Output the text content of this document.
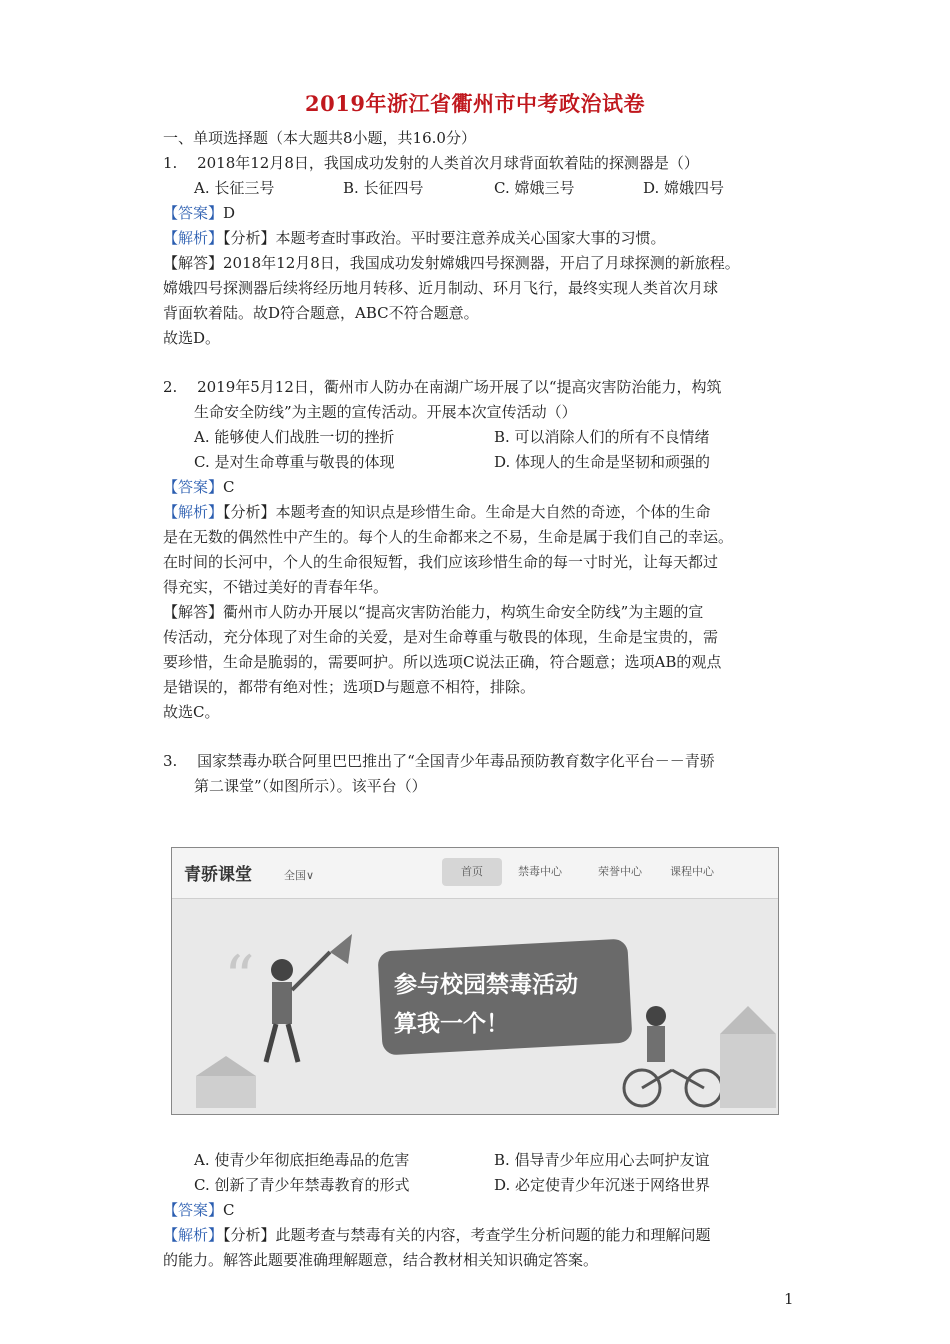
2019年浙江省衢州市中考政治试卷
一、单项选择题（本大题共8小题，共16.0分）
1.　 2018年12月8日，我国成功发射的人类首次月球背面软着陆的探测器是（）
A. 长征三号	B. 长征四号	C. 嫦娥三号	D. 嫦娥四号
【答案】D
【解析】【分析】本题考查时事政治。平时要注意养成关心国家大事的习惯。
【解答】2018年12月8日，我国成功发射嫦娥四号探测器，开启了月球探测的新旅程。
嫦娥四号探测器后续将经历地月转移、近月制动、环月飞行，最终实现人类首次月球
背面软着陆。故D符合题意，ABC不符合题意。
故选D。
2.　 2019年5月12日，衢州市人防办在南湖广场开展了以“提高灾害防治能力，构筑
生命安全防线”为主题的宣传活动。开展本次宣传活动（）
A. 能够使人们战胜一切的挫折	B. 可以消除人们的所有不良情绪
C. 是对生命尊重与敬畏的体现	D. 体现人的生命是坚韧和顽强的
【答案】C
【解析】【分析】本题考查的知识点是珍惜生命。生命是大自然的奇迹，个体的生命
是在无数的偶然性中产生的。每个人的生命都来之不易，生命是属于我们自己的幸运。
在时间的长河中，个人的生命很短暂，我们应该珍惜生命的每一寸时光，让每天都过
得充实，不错过美好的青春年华。
【解答】衢州市人防办开展以“提高灾害防治能力，构筑生命安全防线”为主题的宣
传活动，充分体现了对生命的关爱，是对生命尊重与敬畏的体现，生命是宝贵的，需
要珍惜，生命是脆弱的，需要呵护。所以选项C说法正确，符合题意；选项AB的观点
是错误的，都带有绝对性；选项D与题意不相符，排除。
故选C。
3.　 国家禁毒办联合阿里巴巴推出了“全国青少年毒品预防教育数字化平台－－青骄
第二课堂”（如图所示）。该平台（）
青骄课堂	全国∨	首页	禁毒中心	荣誉中心	课程中心
“	参与校园禁毒活动
算我一个！
A. 使青少年彻底拒绝毒品的危害	B. 倡导青少年应用心去呵护友谊
C. 创新了青少年禁毒教育的形式	D. 必定使青少年沉迷于网络世界
【答案】C
【解析】【分析】此题考查与禁毒有关的内容，考查学生分析问题的能力和理解问题
的能力。解答此题要准确理解题意，结合教材相关知识确定答案。
1
